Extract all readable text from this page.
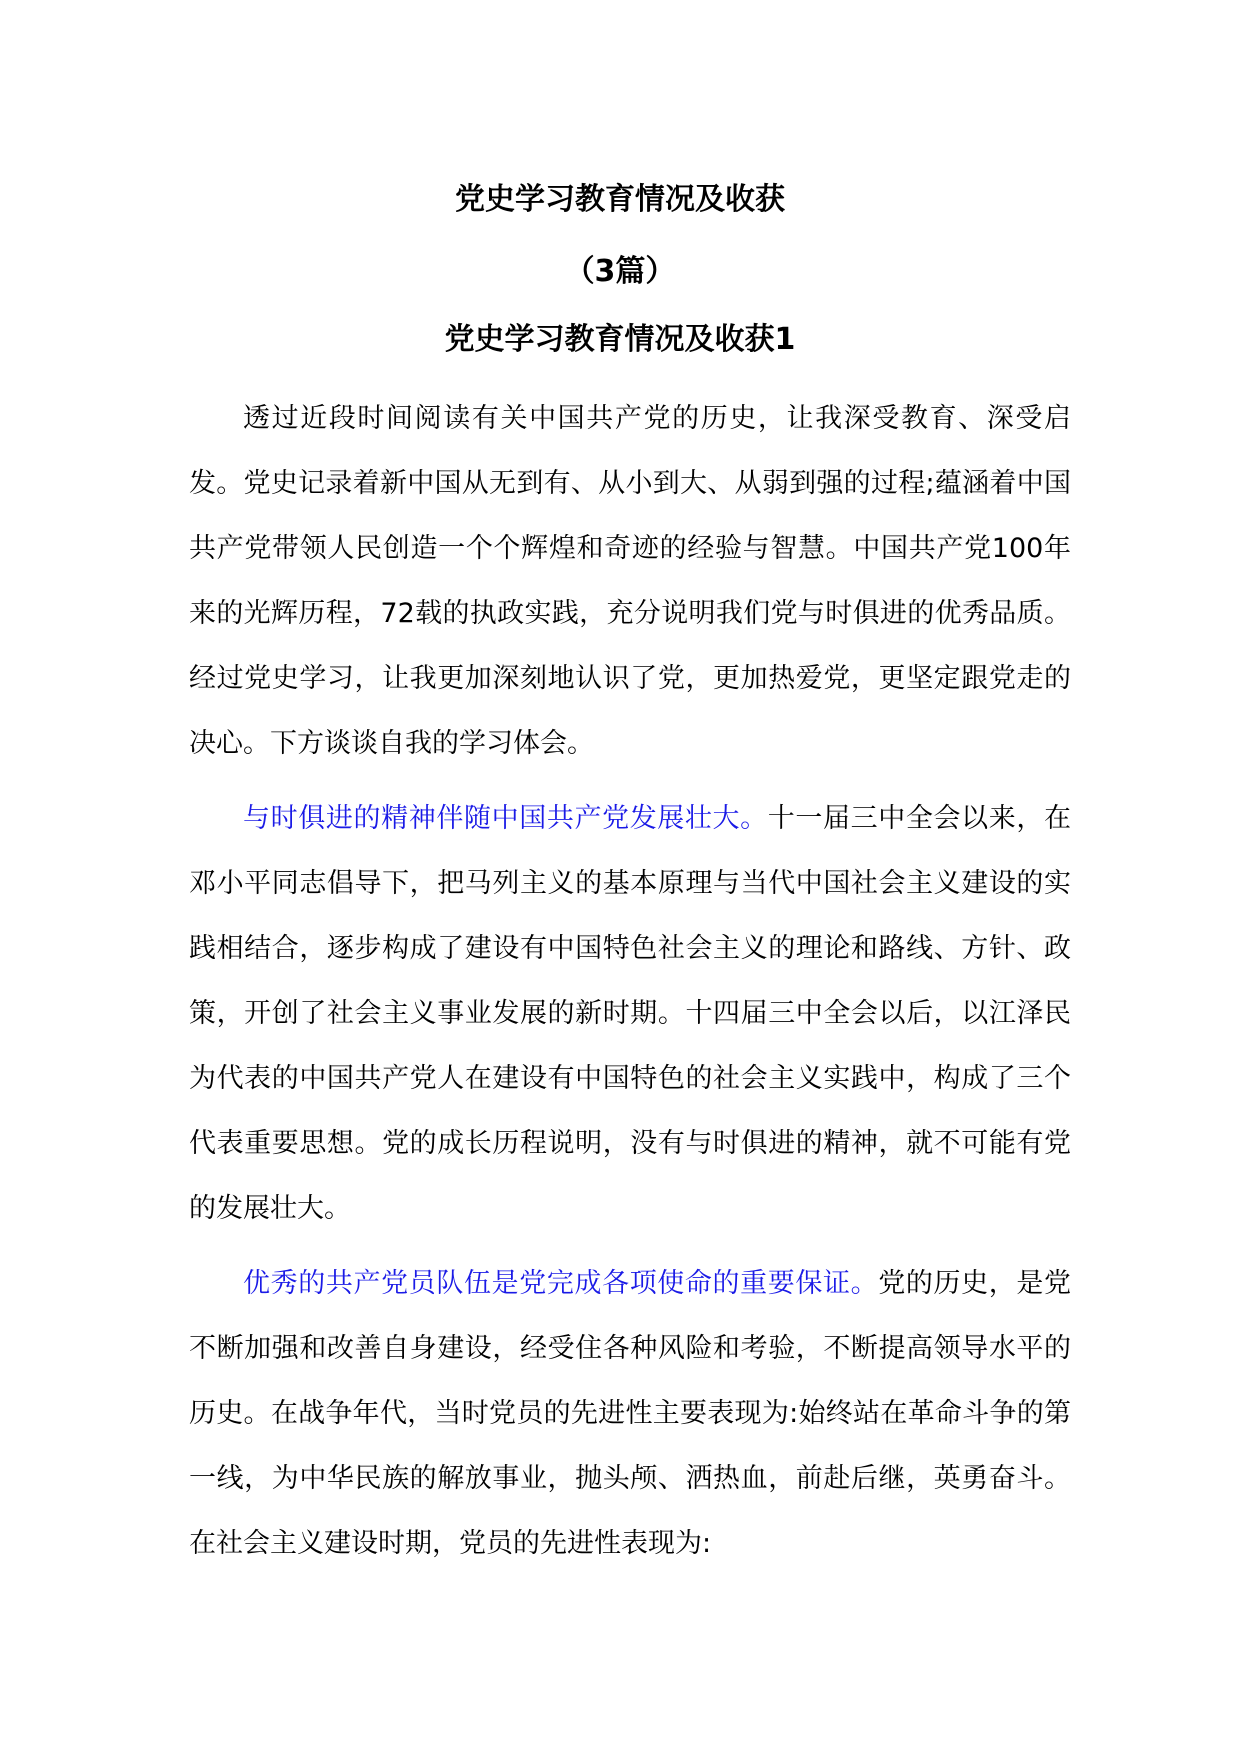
党史学习教育情况及收获
（3篇）
党史学习教育情况及收获1

透过近段时间阅读有关中国共产党的历史，让我深受教育、深受启发。党史记录着新中国从无到有、从小到大、从弱到强的过程;蕴涵着中国共产党带领人民创造一个个辉煌和奇迹的经验与智慧。中国共产党100年来的光辉历程，72载的执政实践，充分说明我们党与时俱进的优秀品质。经过党史学习，让我更加深刻地认识了党，更加热爱党，更坚定跟党走的决心。下方谈谈自我的学习体会。

与时俱进的精神伴随中国共产党发展壮大。十一届三中全会以来，在邓小平同志倡导下，把马列主义的基本原理与当代中国社会主义建设的实践相结合，逐步构成了建设有中国特色社会主义的理论和路线、方针、政策，开创了社会主义事业发展的新时期。十四届三中全会以后，以江泽民为代表的中国共产党人在建设有中国特色的社会主义实践中，构成了三个代表重要思想。党的成长历程说明，没有与时俱进的精神，就不可能有党的发展壮大。

优秀的共产党员队伍是党完成各项使命的重要保证。党的历史，是党不断加强和改善自身建设，经受住各种风险和考验，不断提高领导水平的历史。在战争年代，当时党员的先进性主要表现为:始终站在革命斗争的第一线，为中华民族的解放事业，抛头颅、洒热血，前赴后继，英勇奋斗。在社会主义建设时期，党员的先进性表现为:
